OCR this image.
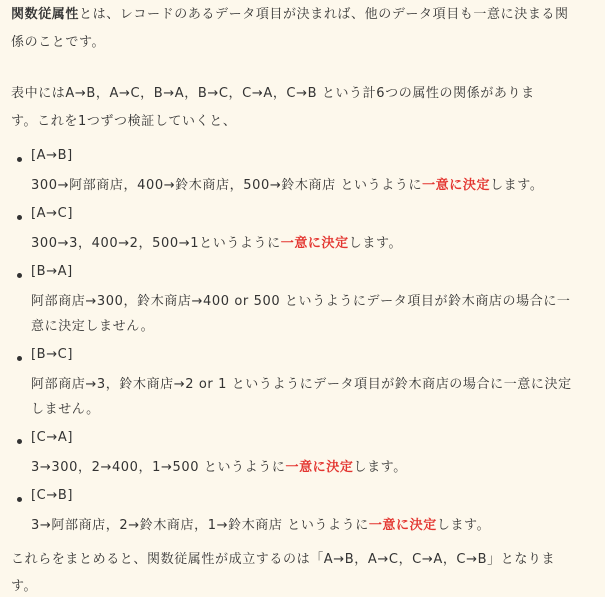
関数従属性とは、レコードのあるデータ項目が決まれば、他のデータ項目も一意に決まる関
係のことです。
表中にはA→B，A→C，B→A，B→C，C→A，C→B という計6つの属性の関係がありま
す。これを1つずつ検証していくと、
[A→B]
300→阿部商店，400→鈴木商店，500→鈴木商店 というように一意に決定します。
[A→C]
300→3，400→2，500→1というように一意に決定します。
[B→A]
阿部商店→300，鈴木商店→400 or 500 というようにデータ項目が鈴木商店の場合に一
意に決定しません。
[B→C]
阿部商店→3，鈴木商店→2 or 1 というようにデータ項目が鈴木商店の場合に一意に決定
しません。
[C→A]
3→300，2→400，1→500 というように一意に決定します。
[C→B]
3→阿部商店，2→鈴木商店，1→鈴木商店 というように一意に決定します。
これらをまとめると、関数従属性が成立するのは「A→B，A→C，C→A，C→B」となりま
す。
